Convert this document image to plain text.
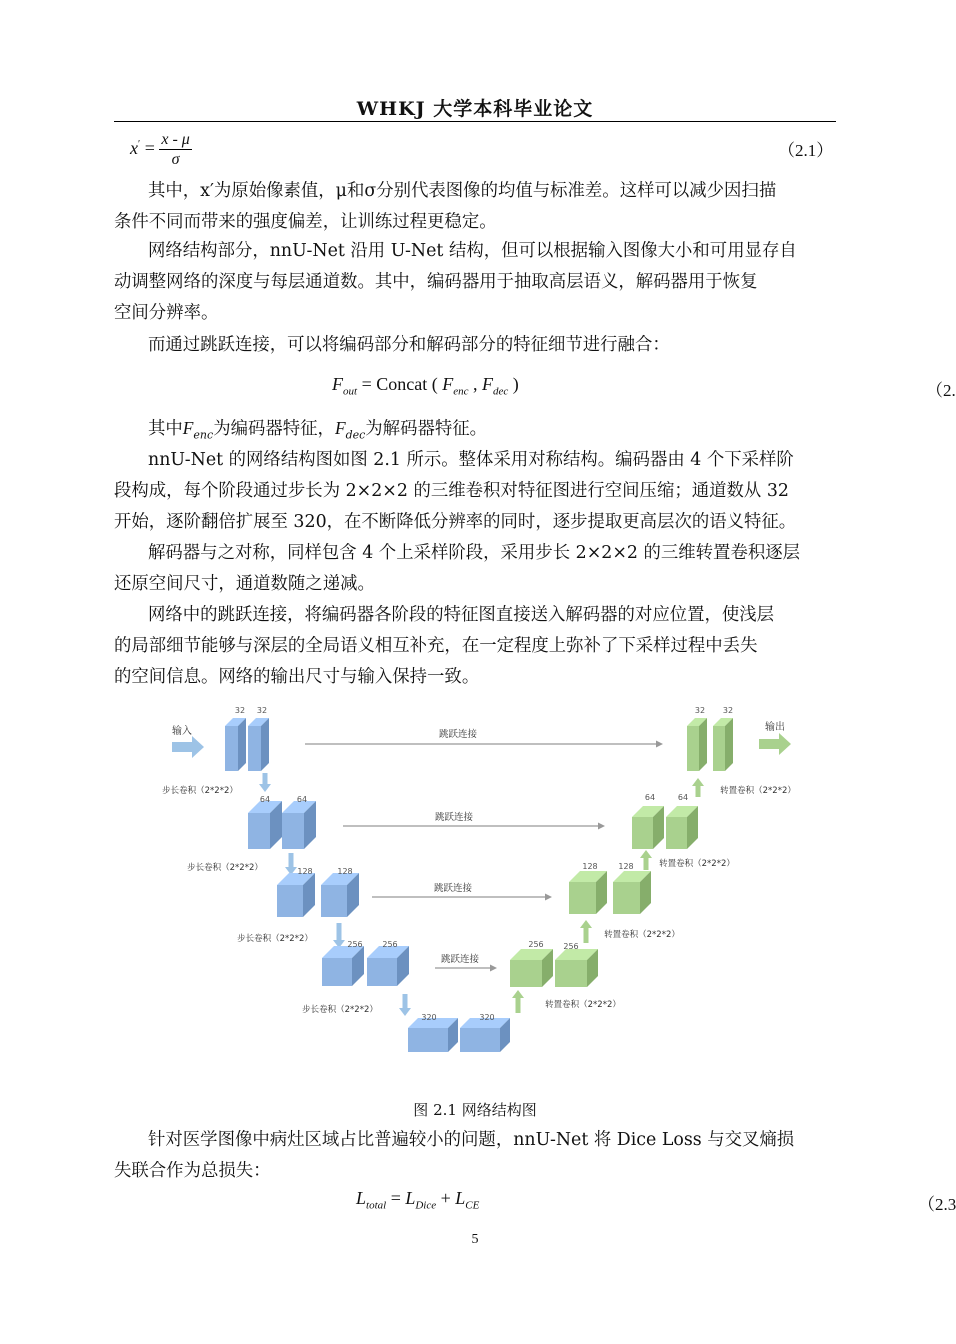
WHKJ 大学本科毕业论文
$x' = \frac{x - \mu}{\sigma}$	（2.1）
其中，x′为原始像素值，μ和σ分别代表图像的均值与标准差。这样可以减少因扫描
条件不同而带来的强度偏差，让训练过程更稳定。
网络结构部分，nnU-Net 沿用 U-Net 结构，但可以根据输入图像大小和可用显存自
动调整网络的深度与每层通道数。其中，编码器用于抽取高层语义，解码器用于恢复
空间分辨率。
而通过跳跃连接，可以将编码部分和解码部分的特征细节进行融合：
$F_{out}$ = Concat ( $F_{enc}$ , $F_{dec}$ )	（2.
其中$F_{enc}$为编码器特征，$F_{dec}$为解码器特征。
nnU-Net 的网络结构图如图 2.1 所示。整体采用对称结构。编码器由 4 个下采样阶
段构成，每个阶段通过步长为 2×2×2 的三维卷积对特征图进行空间压缩；通道数从 32
开始，逐阶翻倍扩展至 320，在不断降低分辨率的同时，逐步提取更高层次的语义特征。
解码器与之对称，同样包含 4 个上采样阶段，采用步长 2×2×2 的三维转置卷积逐层
还原空间尺寸，通道数随之递减。
网络中的跳跃连接，将编码器各阶段的特征图直接送入解码器的对应位置，使浅层
的局部细节能够与深层的全局语义相互补充，在一定程度上弥补了下采样过程中丢失
的空间信息。网络的输出尺寸与输入保持一致。
输入
32 32
跳跃连接
步长卷积（2*2*2）
64	64
跳跃连接
步长卷积（2*2*2）	128	128
跳跃连接
步长卷积（2*2*2）
256 256
跳跃连接
步长卷积（2*2*2）
320	320
256 256
转置卷积（2*2*2）
128	128
转置卷积（2*2*2）
64	64
转置卷积（2*2*2）
32 32
转置卷积（2*2*2）
输出
图 2.1 网络结构图
针对医学图像中病灶区域占比普遍较小的问题，nnU-Net 将 Dice Loss 与交叉熵损
失联合作为总损失：
$L_{total} = L_{Dice} + L_{CE}$	（2.3
5
